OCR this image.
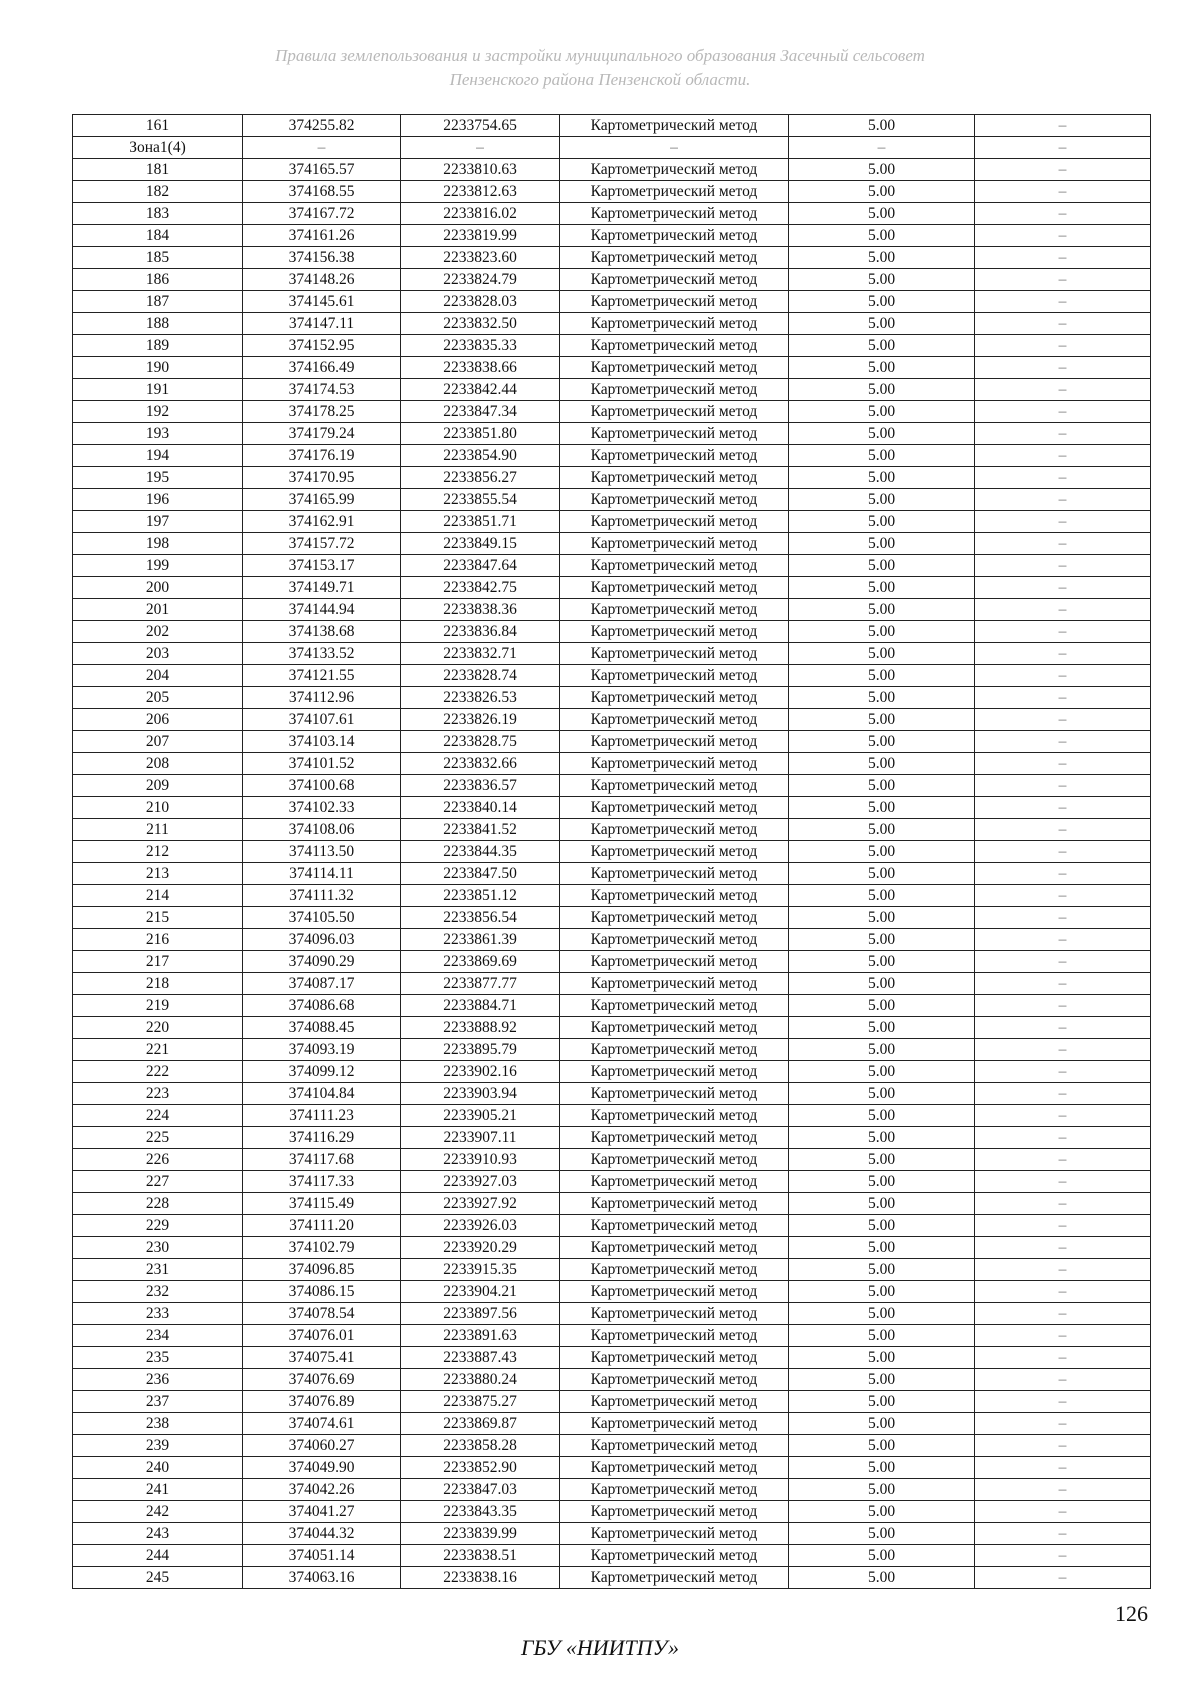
Правила землепользования и застройки муниципального образования Засечный сельсовет
Пензенского района Пензенской области.
161	374255.82	2233754.65	Картометрический метод	5.00	–
Зона1(4)	–	–	–	–	–
181	374165.57	2233810.63	Картометрический метод	5.00	–
182	374168.55	2233812.63	Картометрический метод	5.00	–
183	374167.72	2233816.02	Картометрический метод	5.00	–
184	374161.26	2233819.99	Картометрический метод	5.00	–
185	374156.38	2233823.60	Картометрический метод	5.00	–
186	374148.26	2233824.79	Картометрический метод	5.00	–
187	374145.61	2233828.03	Картометрический метод	5.00	–
188	374147.11	2233832.50	Картометрический метод	5.00	–
189	374152.95	2233835.33	Картометрический метод	5.00	–
190	374166.49	2233838.66	Картометрический метод	5.00	–
191	374174.53	2233842.44	Картометрический метод	5.00	–
192	374178.25	2233847.34	Картометрический метод	5.00	–
193	374179.24	2233851.80	Картометрический метод	5.00	–
194	374176.19	2233854.90	Картометрический метод	5.00	–
195	374170.95	2233856.27	Картометрический метод	5.00	–
196	374165.99	2233855.54	Картометрический метод	5.00	–
197	374162.91	2233851.71	Картометрический метод	5.00	–
198	374157.72	2233849.15	Картометрический метод	5.00	–
199	374153.17	2233847.64	Картометрический метод	5.00	–
200	374149.71	2233842.75	Картометрический метод	5.00	–
201	374144.94	2233838.36	Картометрический метод	5.00	–
202	374138.68	2233836.84	Картометрический метод	5.00	–
203	374133.52	2233832.71	Картометрический метод	5.00	–
204	374121.55	2233828.74	Картометрический метод	5.00	–
205	374112.96	2233826.53	Картометрический метод	5.00	–
206	374107.61	2233826.19	Картометрический метод	5.00	–
207	374103.14	2233828.75	Картометрический метод	5.00	–
208	374101.52	2233832.66	Картометрический метод	5.00	–
209	374100.68	2233836.57	Картометрический метод	5.00	–
210	374102.33	2233840.14	Картометрический метод	5.00	–
211	374108.06	2233841.52	Картометрический метод	5.00	–
212	374113.50	2233844.35	Картометрический метод	5.00	–
213	374114.11	2233847.50	Картометрический метод	5.00	–
214	374111.32	2233851.12	Картометрический метод	5.00	–
215	374105.50	2233856.54	Картометрический метод	5.00	–
216	374096.03	2233861.39	Картометрический метод	5.00	–
217	374090.29	2233869.69	Картометрический метод	5.00	–
218	374087.17	2233877.77	Картометрический метод	5.00	–
219	374086.68	2233884.71	Картометрический метод	5.00	–
220	374088.45	2233888.92	Картометрический метод	5.00	–
221	374093.19	2233895.79	Картометрический метод	5.00	–
222	374099.12	2233902.16	Картометрический метод	5.00	–
223	374104.84	2233903.94	Картометрический метод	5.00	–
224	374111.23	2233905.21	Картометрический метод	5.00	–
225	374116.29	2233907.11	Картометрический метод	5.00	–
226	374117.68	2233910.93	Картометрический метод	5.00	–
227	374117.33	2233927.03	Картометрический метод	5.00	–
228	374115.49	2233927.92	Картометрический метод	5.00	–
229	374111.20	2233926.03	Картометрический метод	5.00	–
230	374102.79	2233920.29	Картометрический метод	5.00	–
231	374096.85	2233915.35	Картометрический метод	5.00	–
232	374086.15	2233904.21	Картометрический метод	5.00	–
233	374078.54	2233897.56	Картометрический метод	5.00	–
234	374076.01	2233891.63	Картометрический метод	5.00	–
235	374075.41	2233887.43	Картометрический метод	5.00	–
236	374076.69	2233880.24	Картометрический метод	5.00	–
237	374076.89	2233875.27	Картометрический метод	5.00	–
238	374074.61	2233869.87	Картометрический метод	5.00	–
239	374060.27	2233858.28	Картометрический метод	5.00	–
240	374049.90	2233852.90	Картометрический метод	5.00	–
241	374042.26	2233847.03	Картометрический метод	5.00	–
242	374041.27	2233843.35	Картометрический метод	5.00	–
243	374044.32	2233839.99	Картометрический метод	5.00	–
244	374051.14	2233838.51	Картометрический метод	5.00	–
245	374063.16	2233838.16	Картометрический метод	5.00	–
126
ГБУ «НИИТПУ»
